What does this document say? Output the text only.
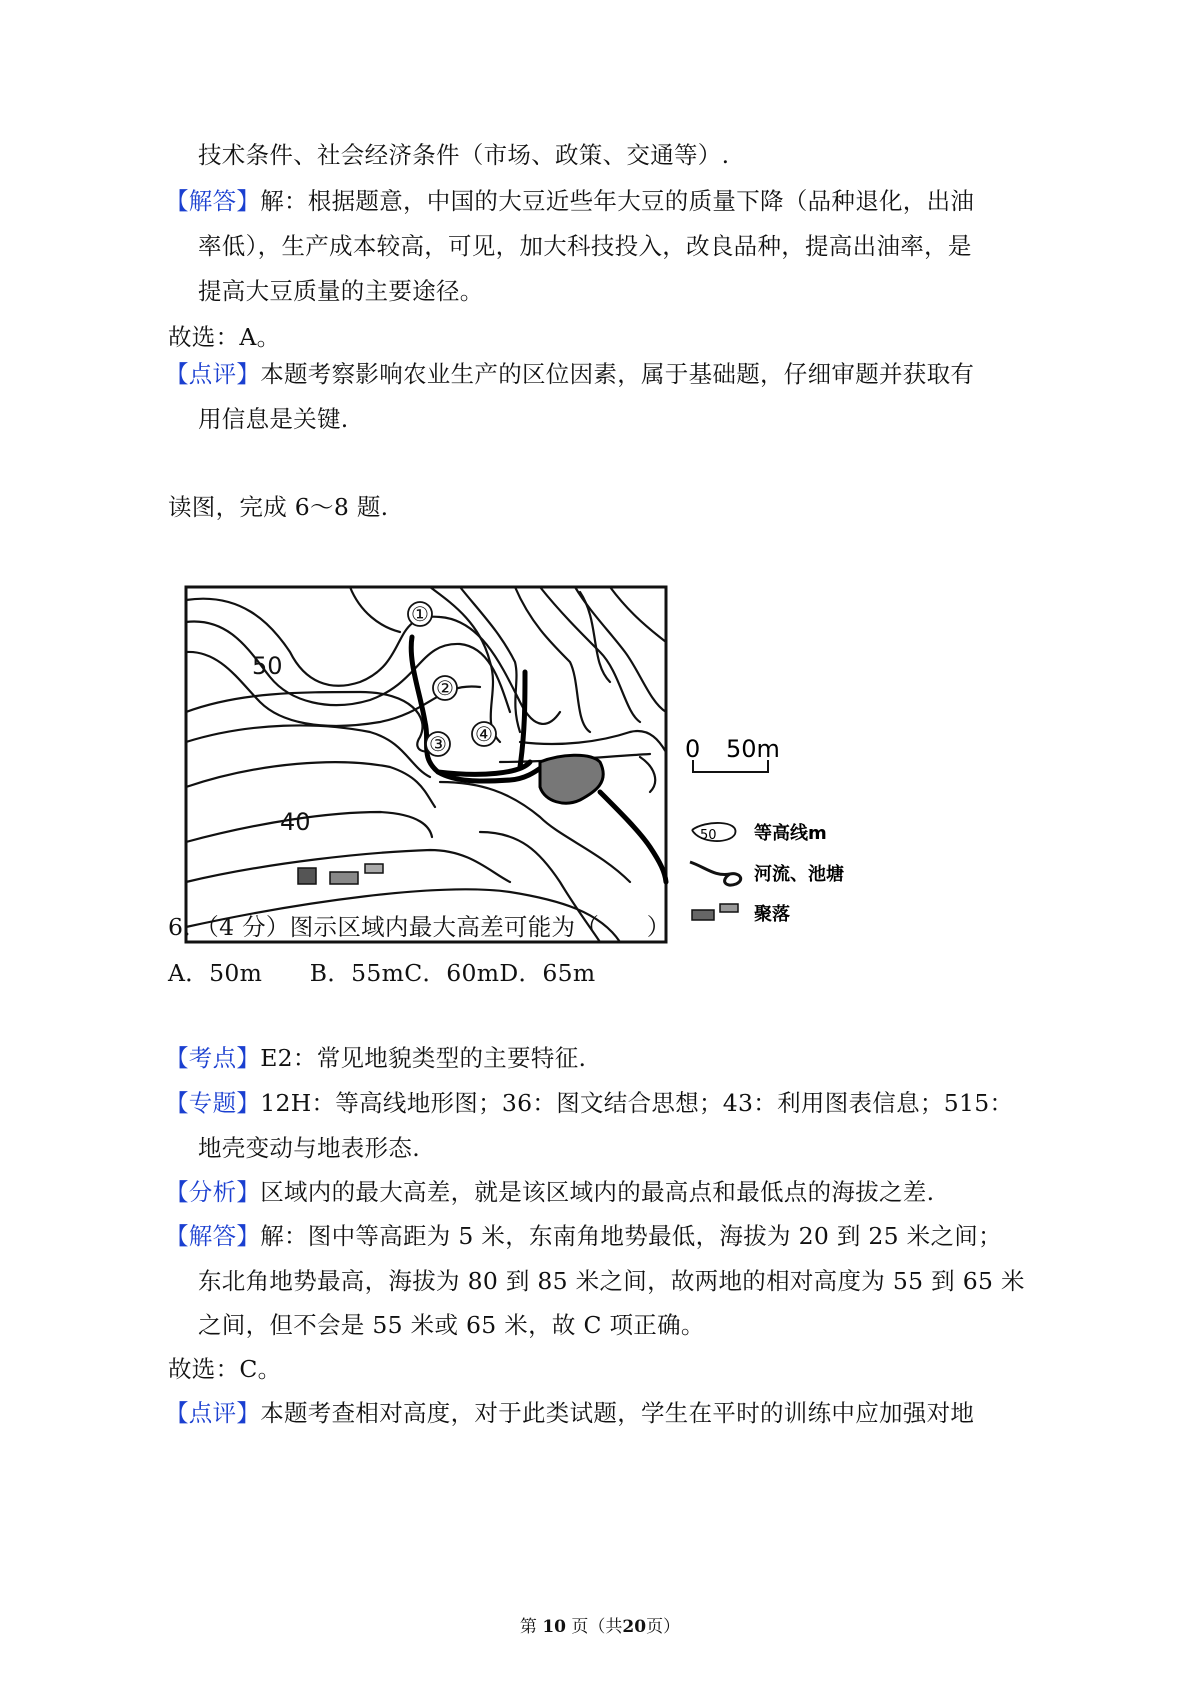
技术条件、社会经济条件（市场、政策、交通等）.
【解答】解：根据题意，中国的大豆近些年大豆的质量下降（品种退化，出油
率低），生产成本较高，可见，加大科技投入，改良品种，提高出油率，是
提高大豆质量的主要途径。
故选：A。
【点评】本题考察影响农业生产的区位因素，属于基础题，仔细审题并获取有
用信息是关键.
读图，完成 6～8 题.
①
②
③ ④
50
40
0 50m
50 等高线m
河流、池塘
聚落
6．（4 分）图示区域内最大高差可能为（　　）
A．50m　　B．55mC．60mD．65m
【考点】E2：常见地貌类型的主要特征.
【专题】12H：等高线地形图；36：图文结合思想；43：利用图表信息；515：
地壳变动与地表形态.
【分析】区域内的最大高差，就是该区域内的最高点和最低点的海拔之差.
【解答】解：图中等高距为 5 米，东南角地势最低，海拔为 20 到 25 米之间；
东北角地势最高，海拔为 80 到 85 米之间，故两地的相对高度为 55 到 65 米
之间，但不会是 55 米或 65 米，故 C 项正确。
故选：C。
【点评】本题考查相对高度，对于此类试题，学生在平时的训练中应加强对地
第 10 页（共20页）
